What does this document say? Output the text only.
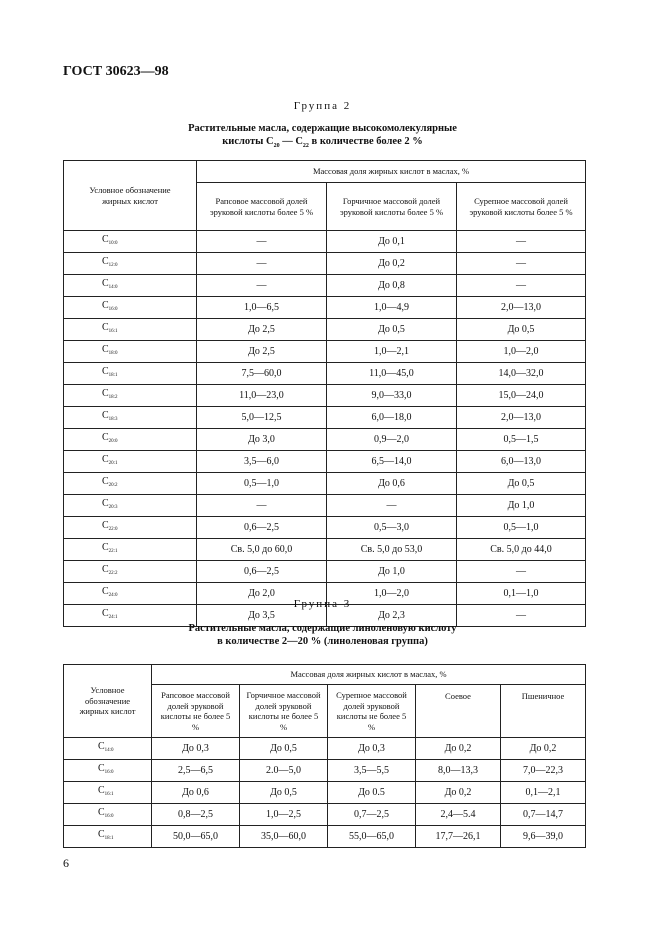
ГОСТ 30623—98
Группа 2
Растительные масла, содержащие высокомолекулярные
кислоты $C_{20}$ — $C_{22}$ в количестве более 2 %
Условное обозначение жирных кислот	Массовая доля жирных кислот в маслах, %		
	Рапсовое массовой долей эруковой кислоты более 5 %	Горчичное массовой долей эруковой кислоты более 5 %	Сурепное массовой долей эруковой кислоты более 5 %
$C_{10:0}$	—	До 0,1	—
$C_{12:0}$	—	До 0,2	—
$C_{14:0}$	—	До 0,8	—
$C_{16:0}$	1,0—6,5	1,0—4,9	2,0—13,0
$C_{16:1}$	До 2,5	До 0,5	До 0,5
$C_{18:0}$	До 2,5	1,0—2,1	1,0—2,0
$C_{18:1}$	7,5—60,0	11,0—45,0	14,0—32,0
$C_{18:2}$	11,0—23,0	9,0—33,0	15,0—24,0
$C_{18:3}$	5,0—12,5	6,0—18,0	2,0—13,0
$C_{20:0}$	До 3,0	0,9—2,0	0,5—1,5
$C_{20:1}$	3,5—6,0	6,5—14,0	6,0—13,0
$C_{20:2}$	0,5—1,0	До 0,6	До 0,5
$C_{20:3}$	—	—	До 1,0
$C_{22:0}$	0,6—2,5	0,5—3,0	0,5—1,0
$C_{22:1}$	Св. 5,0 до 60,0	Св. 5,0 до 53,0	Св. 5,0 до 44,0
$C_{22:2}$	0,6—2,5	До 1,0	—
$C_{24:0}$	До 2,0	1,0—2,0	0,1—1,0
$C_{24:1}$	До 3,5	До 2,3	—
Группа 3
Растительные масла, содержащие линоленовую кислоту
в количестве 2—20 % (линоленовая группа)
Условное обозначение жирных кислот	Массовая доля жирных кислот в маслах, %				
	Рапсовое массовой долей эруковой кислоты не более 5 %	Горчичное массовой долей эруковой кислоты не более 5 %	Сурепное массовой долей эруковой кислоты не более 5 %	Соевое	Пшеничное
$C_{14:0}$	До 0,3	До 0,5	До 0,3	До 0,2	До 0,2
$C_{16:0}$	2,5—6,5	2.0—5,0	3,5—5,5	8,0—13,3	7,0—22,3
$C_{16:1}$	До 0,6	До 0,5	До 0.5	До 0,2	0,1—2,1
$C_{16:0}$	0,8—2,5	1,0—2,5	0,7—2,5	2,4—5.4	0,7—14,7
$C_{18:1}$	50,0—65,0	35,0—60,0	55,0—65,0	17,7—26,1	9,6—39,0
6
